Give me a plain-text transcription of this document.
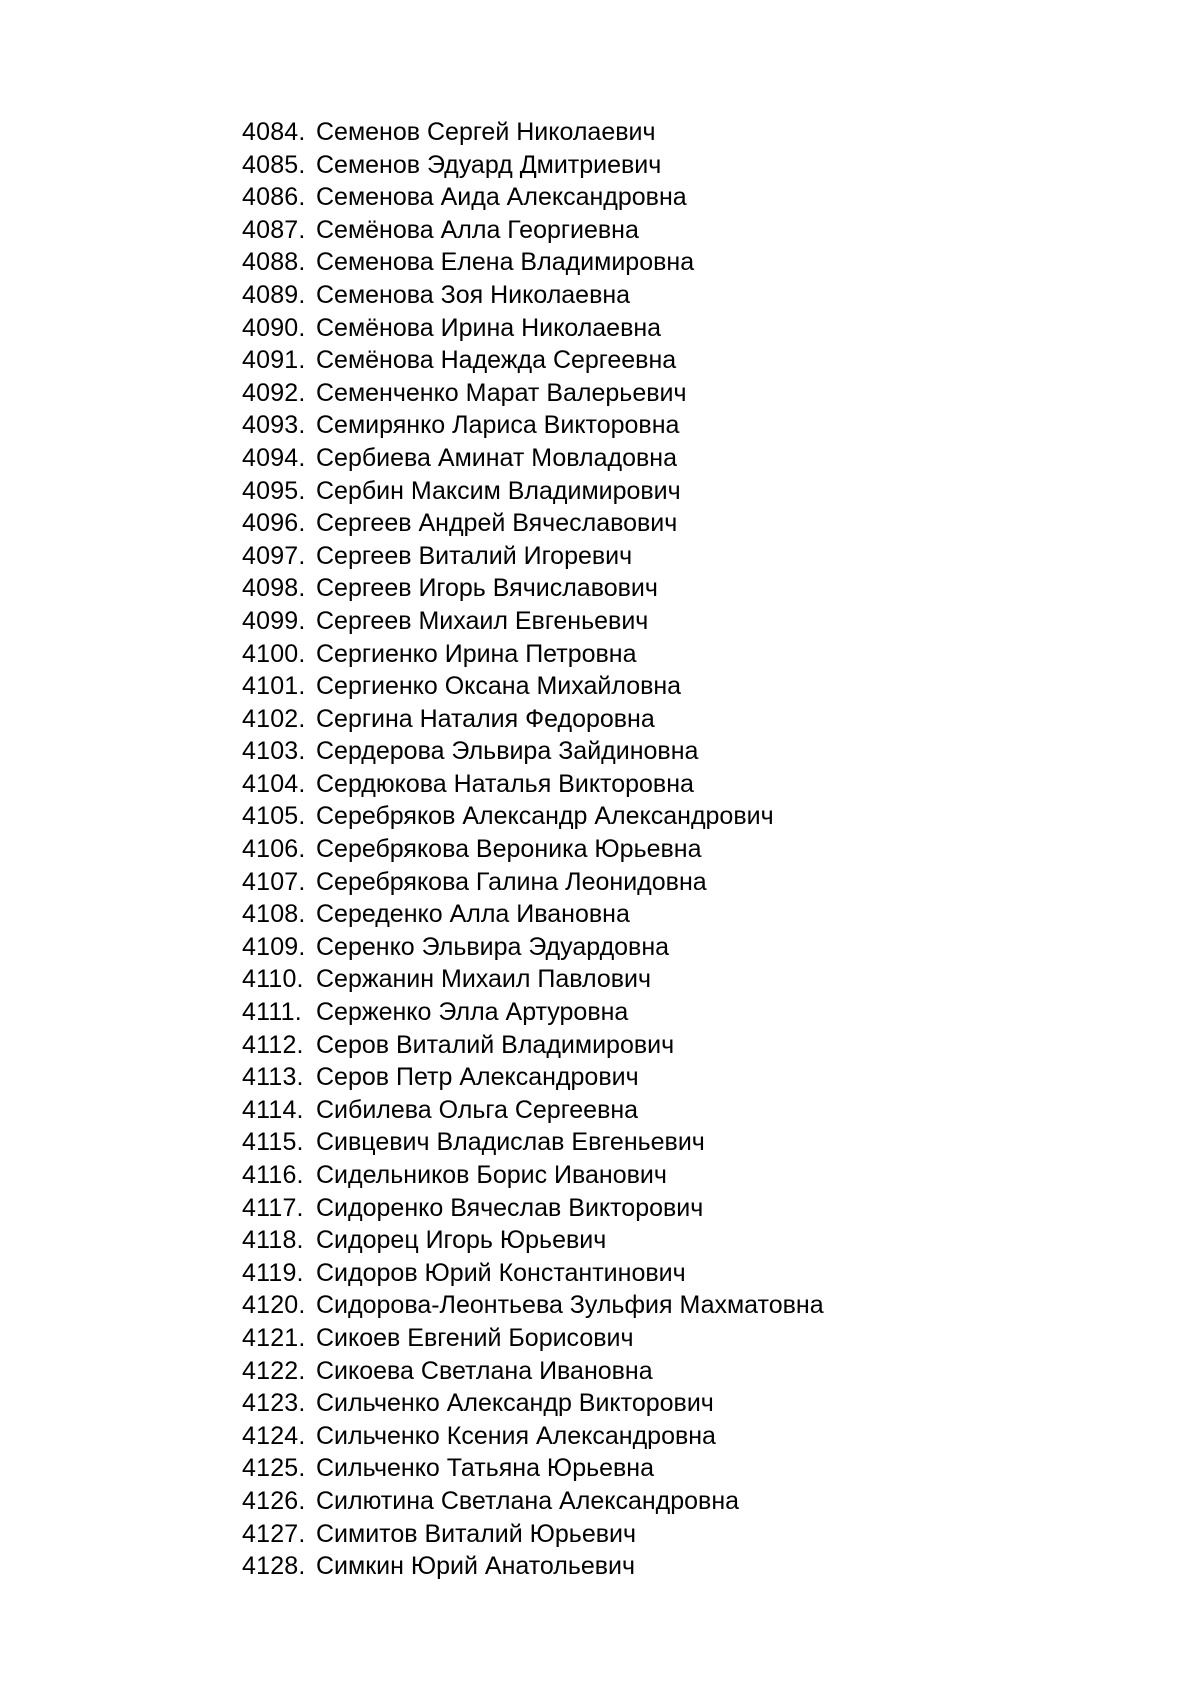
4084. Семенов Сергей Николаевич
4085. Семенов Эдуард Дмитриевич
4086. Семенова Аида Александровна
4087. Семёнова Алла Георгиевна
4088. Семенова Елена Владимировна
4089. Семенова Зоя Николаевна
4090. Семёнова Ирина Николаевна
4091. Семёнова Надежда Сергеевна
4092. Семенченко Марат Валерьевич
4093. Семирянко Лариса Викторовна
4094. Сербиева Аминат Мовладовна
4095. Сербин Максим Владимирович
4096. Сергеев Андрей Вячеславович
4097. Сергеев Виталий Игоревич
4098. Сергеев Игорь Вячиславович
4099. Сергеев Михаил Евгеньевич
4100. Сергиенко Ирина Петровна
4101. Сергиенко Оксана Михайловна
4102. Сергина Наталия Федоровна
4103. Сердерова Эльвира Зайдиновна
4104. Сердюкова Наталья Викторовна
4105. Серебряков Александр Александрович
4106. Серебрякова Вероника Юрьевна
4107. Серебрякова Галина Леонидовна
4108. Середенко Алла Ивановна
4109. Серенко Эльвира Эдуардовна
4110. Сержанин Михаил Павлович
4111. Серженко Элла Артуровна
4112. Серов Виталий Владимирович
4113. Серов Петр Александрович
4114. Сибилева Ольга Сергеевна
4115. Сивцевич Владислав Евгеньевич
4116. Сидельников Борис Иванович
4117. Сидоренко Вячеслав Викторович
4118. Сидорец Игорь Юрьевич
4119. Сидоров Юрий Константинович
4120. Сидорова-Леонтьева Зульфия Махматовна
4121. Сикоев Евгений Борисович
4122. Сикоева Светлана Ивановна
4123. Сильченко Александр Викторович
4124. Сильченко Ксения Александровна
4125. Сильченко Татьяна Юрьевна
4126. Силютина Светлана Александровна
4127. Симитов Виталий Юрьевич
4128. Симкин Юрий Анатольевич
